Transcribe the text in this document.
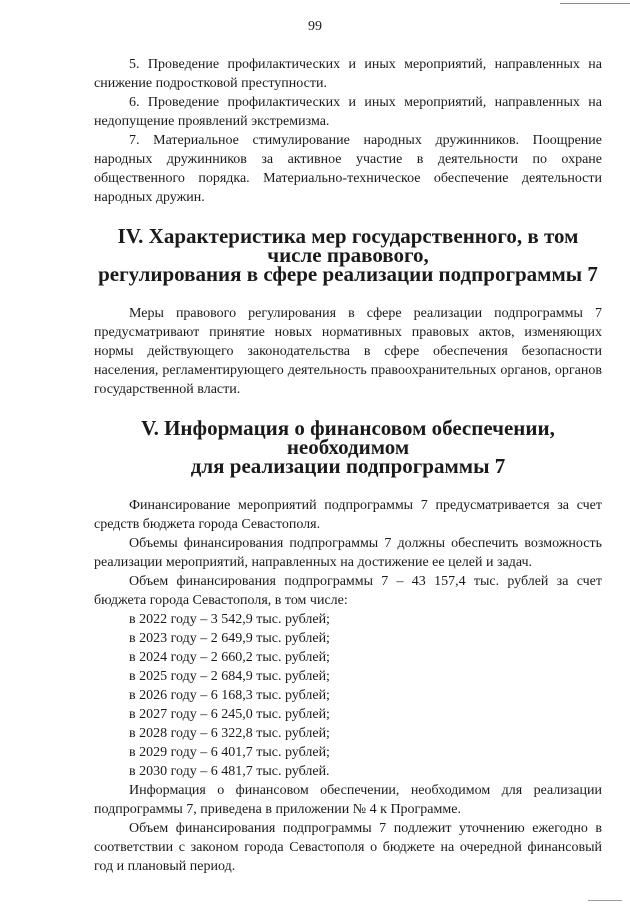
99

5. Проведение профилактических и иных мероприятий, направленных на снижение подростковой преступности.

6. Проведение профилактических и иных мероприятий, направленных на недопущение проявлений экстремизма.

7. Материальное стимулирование народных дружинников. Поощрение народных дружинников за активное участие в деятельности по охране общественного порядка. Материально-техническое обеспечение деятельности народных дружин.

IV. Характеристика мер государственного, в том числе правового,
регулирования в сфере реализации подпрограммы 7

Меры правового регулирования в сфере реализации подпрограммы 7 предусматривают принятие новых нормативных правовых актов, изменяющих нормы действующего законодательства в сфере обеспечения безопасности населения, регламентирующего деятельность правоохранительных органов, органов государственной власти.

V. Информация о финансовом обеспечении, необходимом
для реализации подпрограммы 7

Финансирование мероприятий подпрограммы 7 предусматривается за счет средств бюджета города Севастополя.

Объемы финансирования подпрограммы 7 должны обеспечить возможность реализации мероприятий, направленных на достижение ее целей и задач.

Объем финансирования подпрограммы 7 – 43 157,4 тыс. рублей за счет бюджета города Севастополя, в том числе:

в 2022 году – 3 542,9 тыс. рублей;
в 2023 году – 2 649,9 тыс. рублей;
в 2024 году – 2 660,2 тыс. рублей;
в 2025 году – 2 684,9 тыс. рублей;
в 2026 году – 6 168,3 тыс. рублей;
в 2027 году – 6 245,0 тыс. рублей;
в 2028 году – 6 322,8 тыс. рублей;
в 2029 году – 6 401,7 тыс. рублей;
в 2030 году – 6 481,7 тыс. рублей.

Информация о финансовом обеспечении, необходимом для реализации подпрограммы 7, приведена в приложении № 4 к Программе.

Объем финансирования подпрограммы 7 подлежит уточнению ежегодно в соответствии с законом города Севастополя о бюджете на очередной финансовый год и плановый период.
